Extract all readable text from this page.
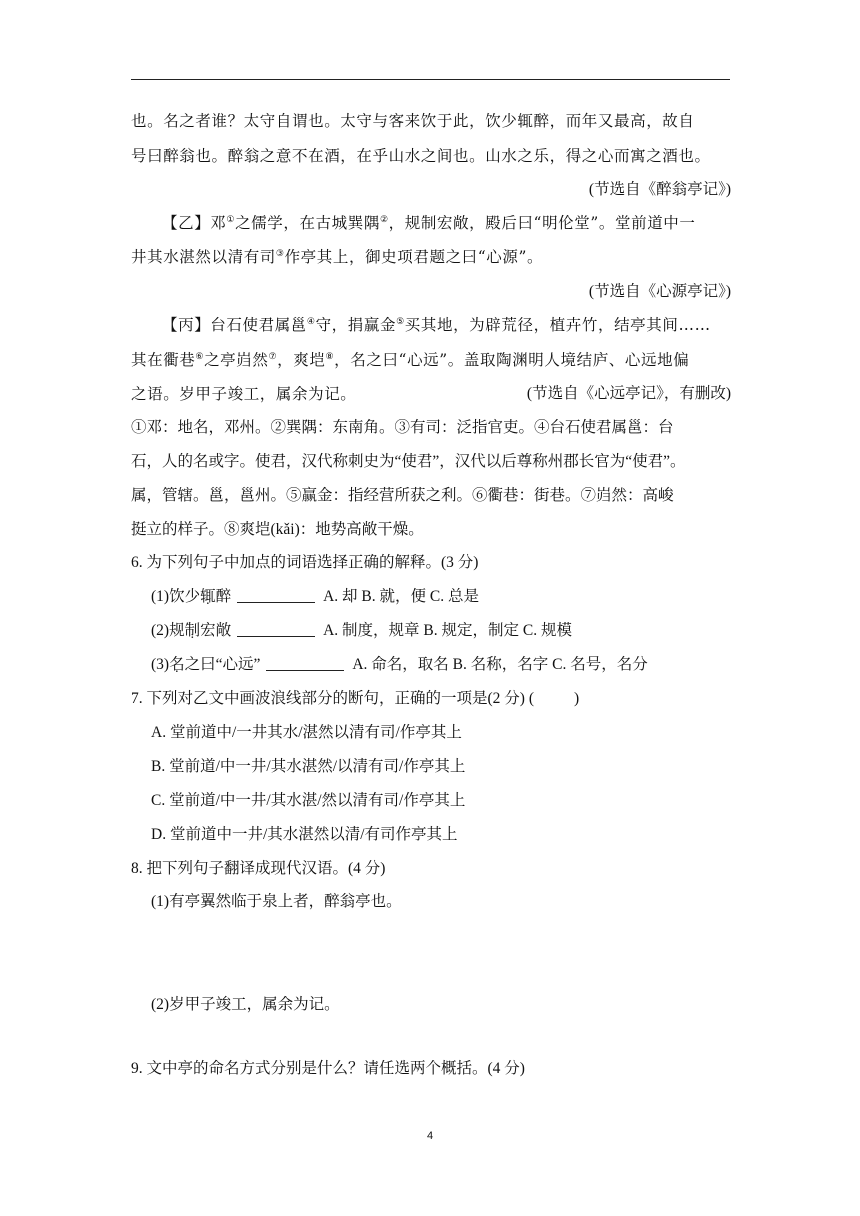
也。名之者谁？太守自谓也。太守与客来饮于此，饮少辄醉，而年又最高，故自
号曰醉翁也。醉翁之意不在酒，在乎山水之间也。山水之乐，得之心而寓之酒也。
(节选自《醉翁亭记》)
【乙】邓①之儒学，在古城巽隅②，规制宏敞，殿后曰“明伦堂”。堂前道中一
井其水湛然以清有司③作亭其上，御史项君题之曰“心源”。
(节选自《心源亭记》)
【丙】台石使君属邕④守，捐赢金⑤买其地，为辟荒径，植卉竹，结亭其间……
其在衢巷⑥之亭岿然⑦，爽垲⑧，名之曰“心远”。盖取陶渊明人境结庐、心远地偏
之语。岁甲子竣工，属余为记。	(节选自《心远亭记》，有删改)
①邓：地名，邓州。②巽隅：东南角。③有司：泛指官吏。④台石使君属邕：台
石，人的名或字。使君，汉代称刺史为“使君”，汉代以后尊称州郡长官为“使君”。
属，管辖。邕，邕州。⑤赢金：指经营所获之利。⑥衢巷：街巷。⑦岿然：高峻
挺立的样子。⑧爽垲(kǎi)：地势高敞干燥。
6. 为下列句子中加点的词语选择正确的解释。(3 分)
(1)饮少辄醉	A. 却 B. 就，便 C. 总是
(2)规制宏敞	A. 制度，规章 B. 规定，制定 C. 规模
(3)名之曰“心远”	A. 命名，取名 B. 名称，名字 C. 名号，名分
7. 下列对乙文中画波浪线部分的断句，正确的一项是(2 分) (	)
A. 堂前道中/一井其水/湛然以清有司/作亭其上
B. 堂前道/中一井/其水湛然/以清有司/作亭其上
C. 堂前道/中一井/其水湛/然以清有司/作亭其上
D. 堂前道中一井/其水湛然以清/有司作亭其上
8. 把下列句子翻译成现代汉语。(4 分)
(1)有亭翼然临于泉上者，醉翁亭也。
(2)岁甲子竣工，属余为记。
9. 文中亭的命名方式分别是什么？请任选两个概括。(4 分)
4
